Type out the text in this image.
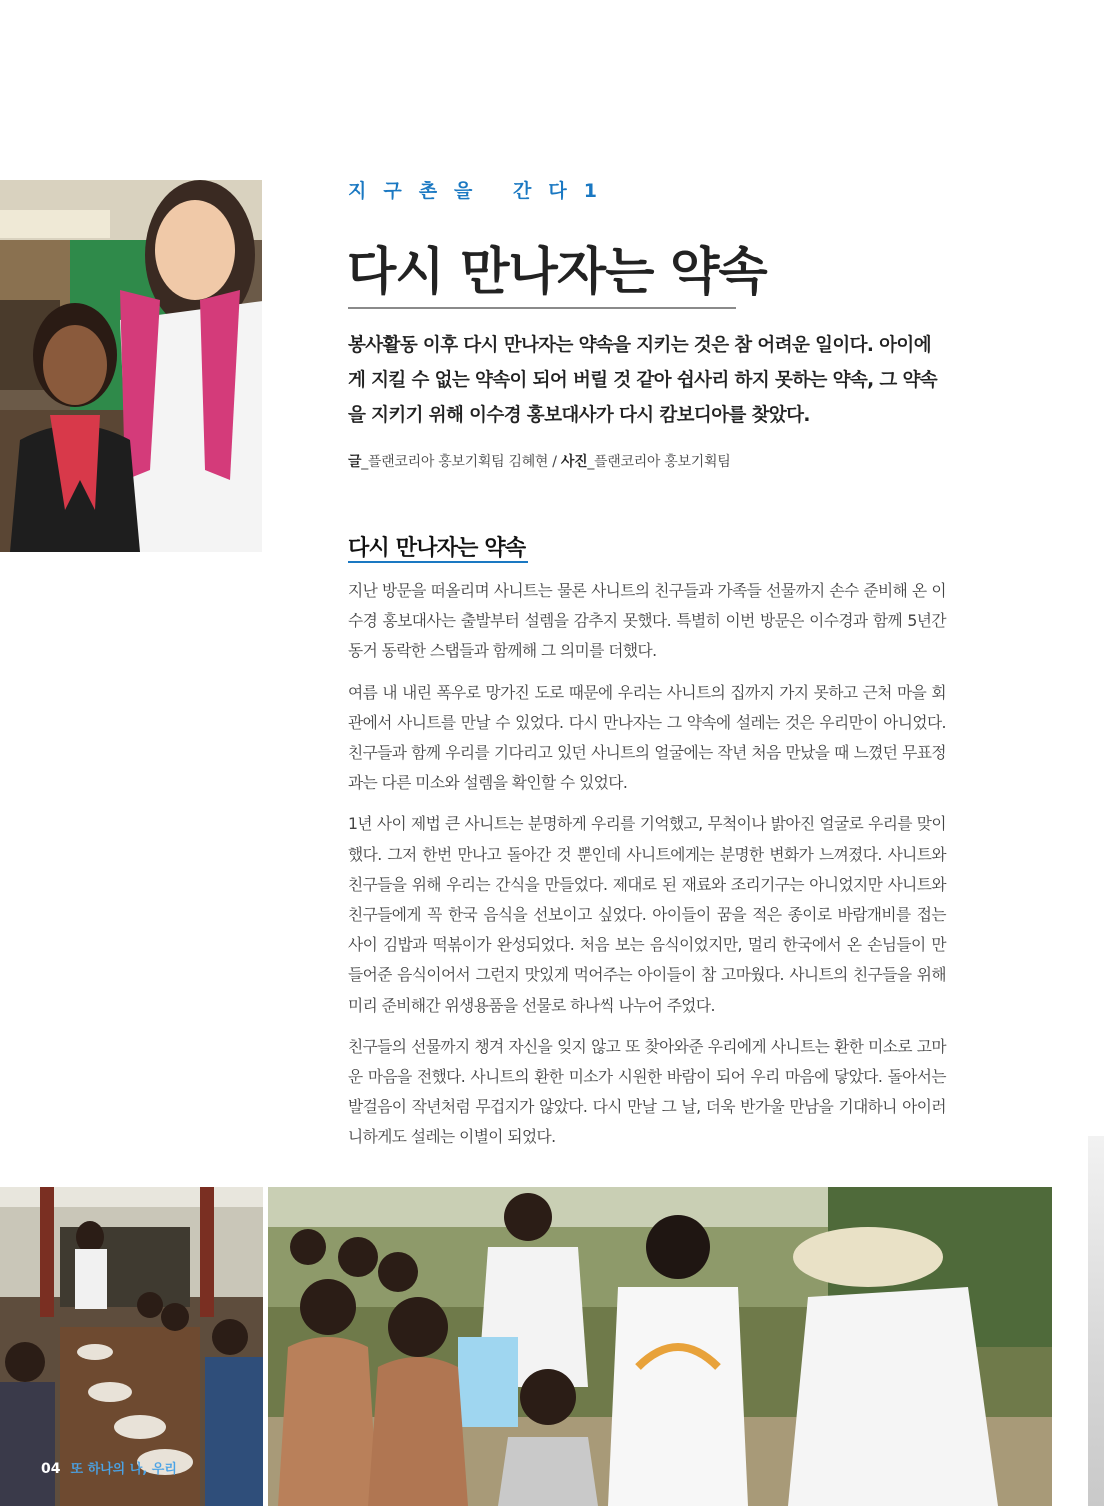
지구촌을 간다1
다시 만나자는 약속

봉사활동 이후 다시 만나자는 약속을 지키는 것은 참 어려운 일이다. 아이에게 지킬 수 없는 약속이 되어 버릴 것 같아 쉽사리 하지 못하는 약속, 그 약속을 지키기 위해 이수경 홍보대사가 다시 캄보디아를 찾았다.

글_플랜코리아 홍보기획팀 김혜현 / 사진_플랜코리아 홍보기획팀
다시 만나자는 약속

지난 방문을 떠올리며 사니트는 물론 사니트의 친구들과 가족들 선물까지 손수 준비해 온 이수경 홍보대사는 출발부터 설렘을 감추지 못했다. 특별히 이번 방문은 이수경과 함께 5년간 동거 동락한 스탭들과 함께해 그 의미를 더했다.

여름 내 내린 폭우로 망가진 도로 때문에 우리는 사니트의 집까지 가지 못하고 근처 마을 회관에서 사니트를 만날 수 있었다. 다시 만나자는 그 약속에 설레는 것은 우리만이 아니었다. 친구들과 함께 우리를 기다리고 있던 사니트의 얼굴에는 작년 처음 만났을 때 느꼈던 무표정과는 다른 미소와 설렘을 확인할 수 있었다.

1년 사이 제법 큰 사니트는 분명하게 우리를 기억했고, 무척이나 밝아진 얼굴로 우리를 맞이했다. 그저 한번 만나고 돌아간 것 뿐인데 사니트에게는 분명한 변화가 느껴졌다. 사니트와 친구들을 위해 우리는 간식을 만들었다. 제대로 된 재료와 조리기구는 아니었지만 사니트와 친구들에게 꼭 한국 음식을 선보이고 싶었다. 아이들이 꿈을 적은 종이로 바람개비를 접는 사이 김밥과 떡볶이가 완성되었다. 처음 보는 음식이었지만, 멀리 한국에서 온 손님들이 만들어준 음식이어서 그런지 맛있게 먹어주는 아이들이 참 고마웠다. 사니트의 친구들을 위해 미리 준비해간 위생용품을 선물로 하나씩 나누어 주었다.

친구들의 선물까지 챙겨 자신을 잊지 않고 또 찾아와준 우리에게 사니트는 환한 미소로 고마운 마음을 전했다. 사니트의 환한 미소가 시원한 바람이 되어 우리 마음에 닿았다. 돌아서는 발걸음이 작년처럼 무겁지가 않았다. 다시 만날 그 날, 더욱 반가울 만남을 기대하니 아이러니하게도 설레는 이별이 되었다.

04 또 하나의 나, 우리
